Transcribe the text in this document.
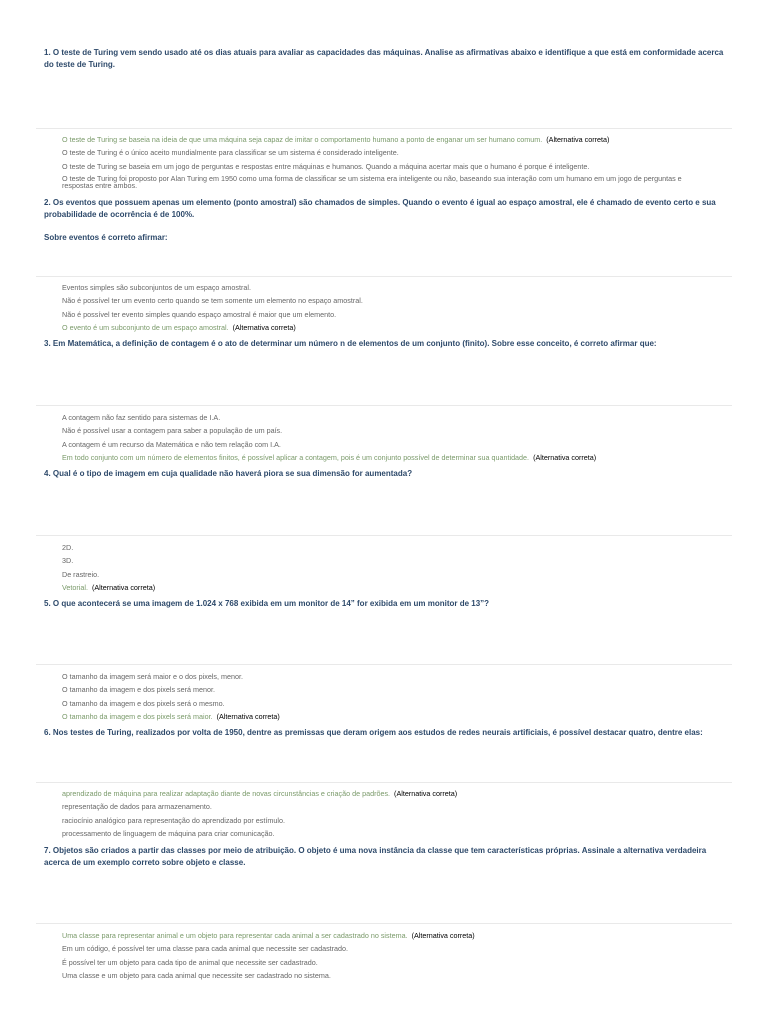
1. O teste de Turing vem sendo usado até os dias atuais para avaliar as capacidades das máquinas. Analise as afirmativas abaixo e identifique a que está em conformidade acerca do teste de Turing.

O teste de Turing se baseia na ideia de que uma máquina seja capaz de imitar o comportamento humano a ponto de enganar um ser humano comum. (Alternativa correta)
O teste de Turing é o único aceito mundialmente para classificar se um sistema é considerado inteligente.
O teste de Turing se baseia em um jogo de perguntas e respostas entre máquinas e humanos. Quando a máquina acertar mais que o humano é porque é inteligente.
O teste de Turing foi proposto por Alan Turing em 1950 como uma forma de classificar se um sistema era inteligente ou não, baseando sua interação com um humano em um jogo de perguntas e respostas entre ambos.

2. Os eventos que possuem apenas um elemento (ponto amostral) são chamados de simples. Quando o evento é igual ao espaço amostral, ele é chamado de evento certo e sua probabilidade de ocorrência é de 100%.

Sobre eventos é correto afirmar:

Eventos simples são subconjuntos de um espaço amostral.
Não é possível ter um evento certo quando se tem somente um elemento no espaço amostral.
Não é possível ter evento simples quando espaço amostral é maior que um elemento.
O evento é um subconjunto de um espaço amostral. (Alternativa correta)

3. Em Matemática, a definição de contagem é o ato de determinar um número n de elementos de um conjunto (finito). Sobre esse conceito, é correto afirmar que:

A contagem não faz sentido para sistemas de I.A.
Não é possível usar a contagem para saber a população de um país.
A contagem é um recurso da Matemática e não tem relação com I.A.
Em todo conjunto com um número de elementos finitos, é possível aplicar a contagem, pois é um conjunto possível de determinar sua quantidade. (Alternativa correta)

4. Qual é o tipo de imagem em cuja qualidade não haverá piora se sua dimensão for aumentada?

2D.
3D.
De rastreio.
Vetorial. (Alternativa correta)

5. O que acontecerá se uma imagem de 1.024 x 768 exibida em um monitor de 14” for exibida em um monitor de 13”?

O tamanho da imagem será maior e o dos pixels, menor.
O tamanho da imagem e dos pixels será menor.
O tamanho da imagem e dos pixels será o mesmo.
O tamanho da imagem e dos pixels será maior. (Alternativa correta)

6. Nos testes de Turing, realizados por volta de 1950, dentre as premissas que deram origem aos estudos de redes neurais artificiais, é possível destacar quatro, dentre elas:

aprendizado de máquina para realizar adaptação diante de novas circunstâncias e criação de padrões. (Alternativa correta)
representação de dados para armazenamento.
raciocínio analógico para representação do aprendizado por estímulo.
processamento de linguagem de máquina para criar comunicação.

7. Objetos são criados a partir das classes por meio de atribuição. O objeto é uma nova instância da classe que tem características próprias. Assinale a alternativa verdadeira acerca de um exemplo correto sobre objeto e classe.

Uma classe para representar animal e um objeto para representar cada animal a ser cadastrado no sistema. (Alternativa correta)
Em um código, é possível ter uma classe para cada animal que necessite ser cadastrado.
É possível ter um objeto para cada tipo de animal que necessite ser cadastrado.
Uma classe e um objeto para cada animal que necessite ser cadastrado no sistema.
